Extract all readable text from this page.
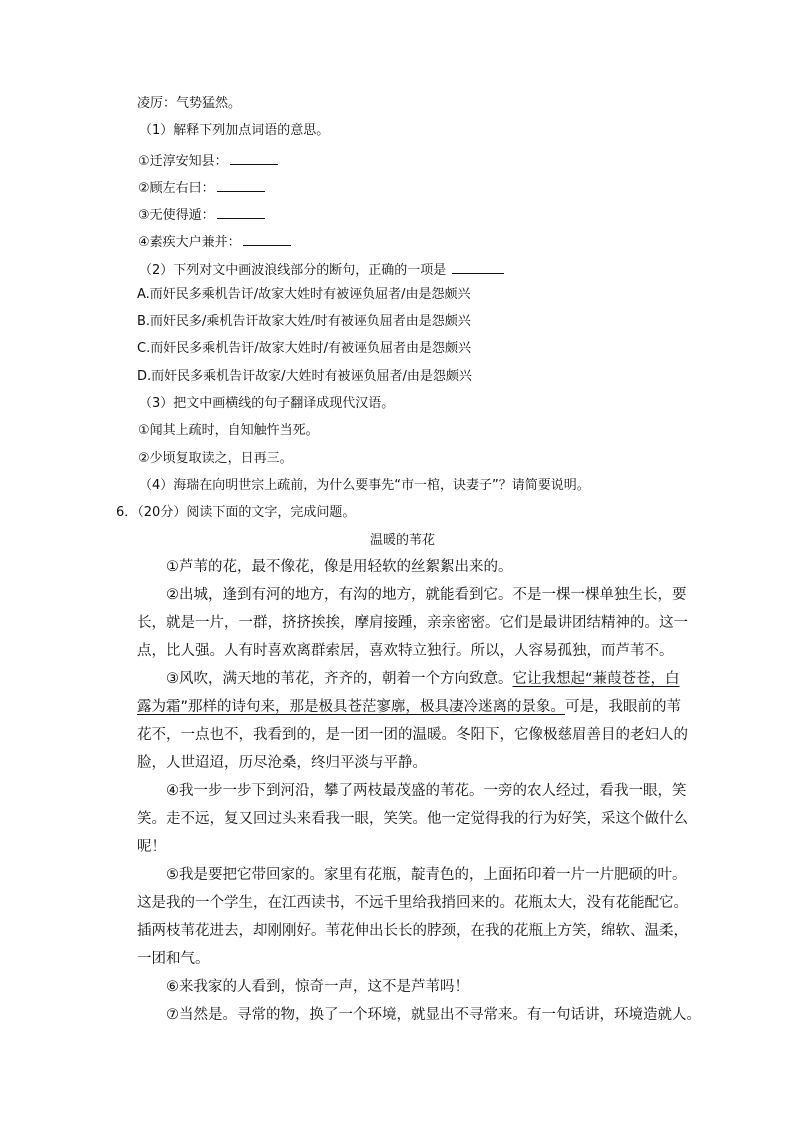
凌厉：气势猛然。
（1）解释下列加点词语的意思。
①迁淳安知县：
②顾左右曰：
③无使得遁：
④素疾大户兼并：
（2）下列对文中画波浪线部分的断句，正确的一项是
A.而奸民多乘机告讦/故家大姓时有被诬负屈者/由是怨颇兴
B.而奸民多/乘机告讦故家大姓/时有被诬负屈者由是怨颇兴
C.而奸民多乘机告讦/故家大姓时/有被诬负屈者由是怨颇兴
D.而奸民多乘机告讦故家/大姓时有被诬负屈者/由是怨颇兴
（3）把文中画横线的句子翻译成现代汉语。
①闻其上疏时，自知触忤当死。
②少顷复取读之，日再三。
（4）海瑞在向明世宗上疏前，为什么要事先“市一棺，诀妻子”？请简要说明。
6．（20分）阅读下面的文字，完成问题。
温暖的苇花
①芦苇的花，最不像花，像是用轻软的丝絮絮出来的。
②出城，逢到有河的地方，有沟的地方，就能看到它。不是一棵一棵单独生长，要
长，就是一片，一群，挤挤挨挨，摩肩接踵，亲亲密密。它们是最讲团结精神的。这一
点，比人强。人有时喜欢离群索居，喜欢特立独行。所以，人容易孤独，而芦苇不。
③风吹，满天地的苇花，齐齐的，朝着一个方向致意。它让我想起“蒹葭苍苍，白
露为霜”那样的诗句来，那是极具苍茫寥廓，极具凄冷迷离的景象。可是，我眼前的苇
花不，一点也不，我看到的，是一团一团的温暖。冬阳下，它像极慈眉善目的老妇人的
脸，人世迢迢，历尽沧桑，终归平淡与平静。
④我一步一步下到河沿，攀了两枝最茂盛的苇花。一旁的农人经过，看我一眼，笑
笑。走不远，复又回过头来看我一眼，笑笑。他一定觉得我的行为好笑，采这个做什么
呢！
⑤我是要把它带回家的。家里有花瓶，靛青色的，上面拓印着一片一片肥硕的叶。
这是我的一个学生，在江西读书，不远千里给我捎回来的。花瓶太大，没有花能配它。
插两枝苇花进去，却刚刚好。苇花伸出长长的脖颈，在我的花瓶上方笑，绵软、温柔，
一团和气。
⑥来我家的人看到，惊奇一声，这不是芦苇吗！
⑦当然是。寻常的物，换了一个环境，就显出不寻常来。有一句话讲，环境造就人。
